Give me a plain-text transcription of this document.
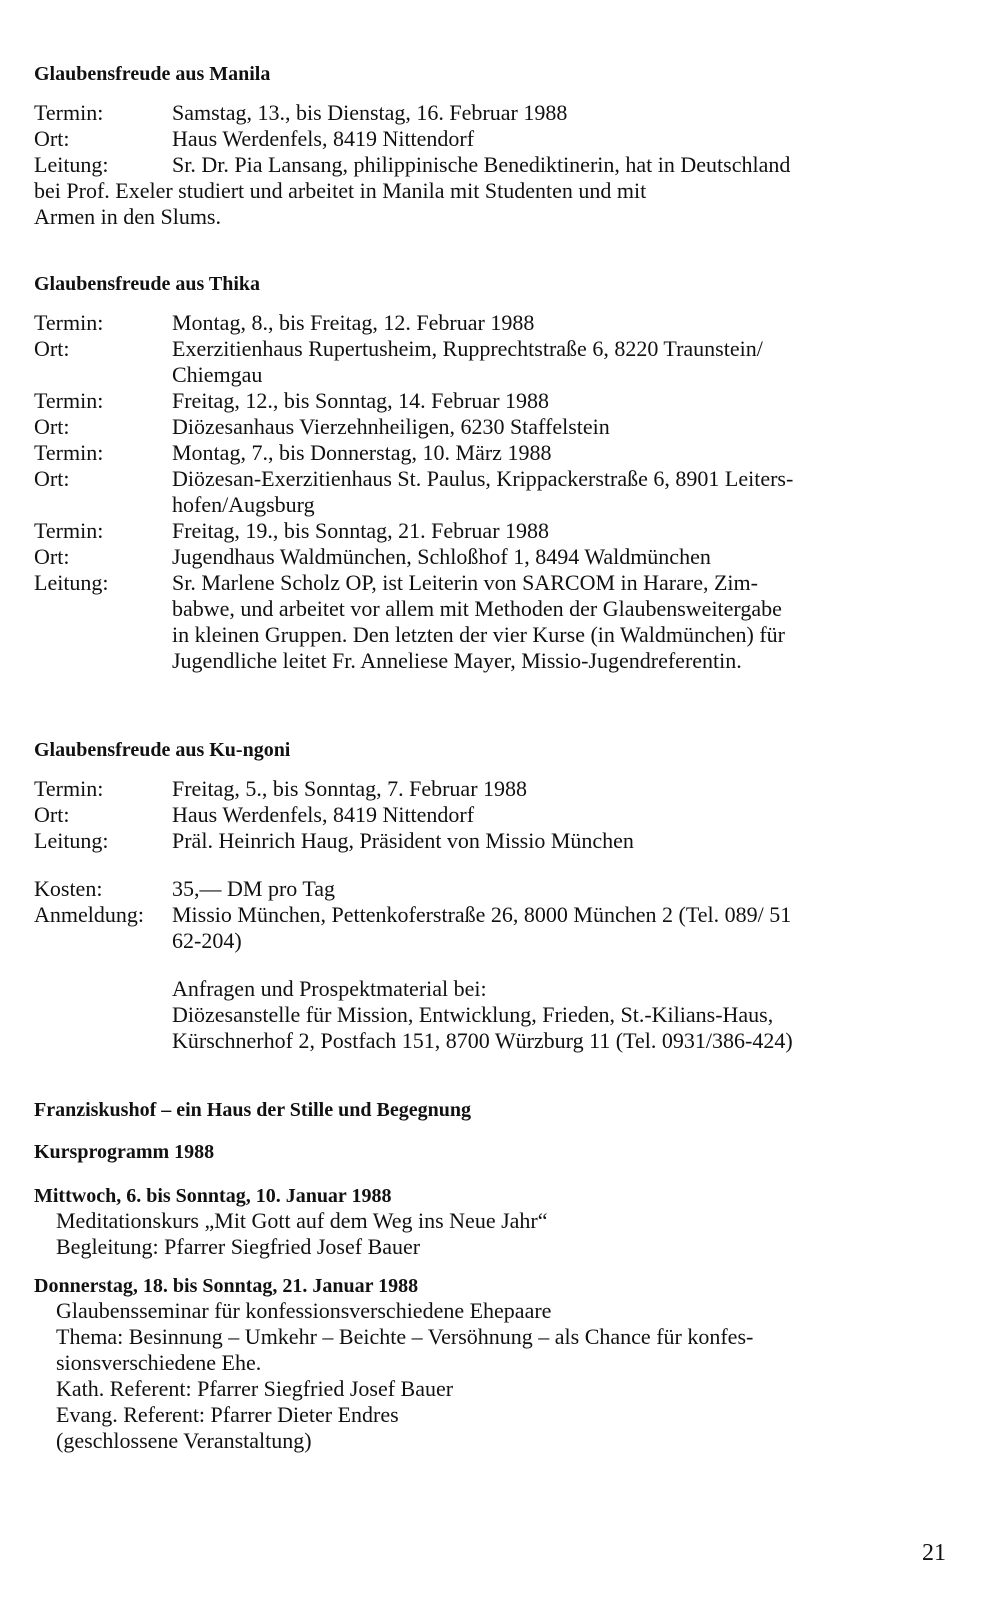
Glaubensfreude aus Manila
Termin:	Samstag, 13., bis Dienstag, 16. Februar 1988
Ort:	Haus Werdenfels, 8419 Nittendorf
Leitung:	Sr. Dr. Pia Lansang, philippinische Benediktinerin, hat in Deutschland
bei Prof. Exeler studiert und arbeitet in Manila mit Studenten und mit
Armen in den Slums.
Glaubensfreude aus Thika
Termin:	Montag, 8., bis Freitag, 12. Februar 1988
Ort:	Exerzitienhaus Rupertusheim, Rupprechtstraße 6, 8220 Traunstein/
Chiemgau
Termin:	Freitag, 12., bis Sonntag, 14. Februar 1988
Ort:	Diözesanhaus Vierzehnheiligen, 6230 Staffelstein
Termin:	Montag, 7., bis Donnerstag, 10. März 1988
Ort:	Diözesan-Exerzitienhaus St. Paulus, Krippackerstraße 6, 8901 Leiters-
hofen/Augsburg
Termin:	Freitag, 19., bis Sonntag, 21. Februar 1988
Ort:	Jugendhaus Waldmünchen, Schloßhof 1, 8494 Waldmünchen
Leitung:	Sr. Marlene Scholz OP, ist Leiterin von SARCOM in Harare, Zim-
babwe, und arbeitet vor allem mit Methoden der Glaubensweitergabe
in kleinen Gruppen. Den letzten der vier Kurse (in Waldmünchen) für
Jugendliche leitet Fr. Anneliese Mayer, Missio-Jugendreferentin.
Glaubensfreude aus Ku-ngoni
Termin:	Freitag, 5., bis Sonntag, 7. Februar 1988
Ort:	Haus Werdenfels, 8419 Nittendorf
Leitung:	Präl. Heinrich Haug, Präsident von Missio München
Kosten:	35,— DM pro Tag
Anmeldung:	Missio München, Pettenkoferstraße 26, 8000 München 2 (Tel. 089/ 51
62-204)
Anfragen und Prospektmaterial bei:
Diözesanstelle für Mission, Entwicklung, Frieden, St.-Kilians-Haus,
Kürschnerhof 2, Postfach 151, 8700 Würzburg 11 (Tel. 0931/386-424)
Franziskushof – ein Haus der Stille und Begegnung
Kursprogramm 1988
Mittwoch, 6. bis Sonntag, 10. Januar 1988
Meditationskurs „Mit Gott auf dem Weg ins Neue Jahr“
Begleitung: Pfarrer Siegfried Josef Bauer
Donnerstag, 18. bis Sonntag, 21. Januar 1988
Glaubensseminar für konfessionsverschiedene Ehepaare
Thema: Besinnung – Umkehr – Beichte – Versöhnung – als Chance für konfes-
sionsverschiedene Ehe.
Kath. Referent: Pfarrer Siegfried Josef Bauer
Evang. Referent: Pfarrer Dieter Endres
(geschlossene Veranstaltung)
21
